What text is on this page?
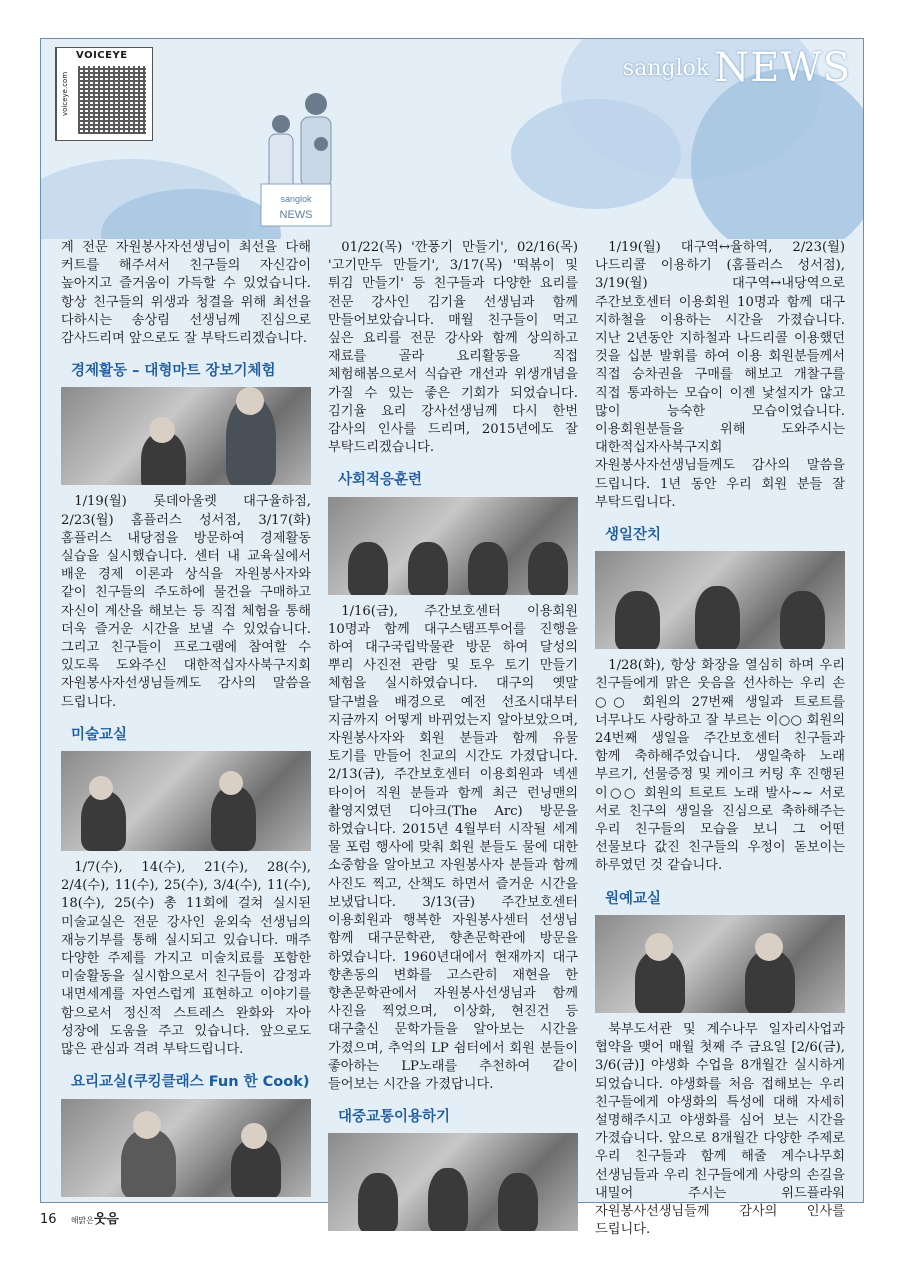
voiceye.com
VOICEYE
sanglok
NEWS
sanglok NEWS

계 전문 자원봉사자선생님이 최선을 다해 커트를 해주셔서 친구들의 자신감이 높아지고 즐거움이 가득할 수 있었습니다. 항상 친구들의 위생과 청결을 위해 최선을 다하시는 송상림 선생님께 진심으로 감사드리며 앞으로도 잘 부탁드리겠습니다.

경제활동 – 대형마트 장보기체험

1/19(월) 롯데아울렛 대구율하점, 2/23(월) 홈플러스 성서점, 3/17(화) 홈플러스 내당점을 방문하여 경제활동 실습을 실시했습니다. 센터 내 교육실에서 배운 경제 이론과 상식을 자원봉사자와 같이 친구들의 주도하에 물건을 구매하고 자신이 계산을 해보는 등 직접 체험을 통해 더욱 즐거운 시간을 보낼 수 있었습니다. 그리고 친구들이 프로그램에 참여할 수 있도록 도와주신 대한적십자사북구지회 자원봉사자선생님들께도 감사의 말씀을 드립니다.

미술교실

1/7(수), 14(수), 21(수), 28(수), 2/4(수), 11(수), 25(수), 3/4(수), 11(수), 18(수), 25(수) 총 11회에 걸쳐 실시된 미술교실은 전문 강사인 윤외숙 선생님의 재능기부를 통해 실시되고 있습니다. 매주 다양한 주제를 가지고 미술치료를 포함한 미술활동을 실시함으로서 친구들이 감정과 내면세계를 자연스럽게 표현하고 이야기를 함으로서 정신적 스트레스 완화와 자아 성장에 도움을 주고 있습니다. 앞으로도 많은 관심과 격려 부탁드립니다.

요리교실(쿠킹클래스 Fun 한 Cook)

01/22(목) '깐풍기 만들기', 02/16(목) '고기만두 만들기', 3/17(목) '떡볶이 및 튀김 만들기' 등 친구들과 다양한 요리를 전문 강사인 김기율 선생님과 함께 만들어보았습니다. 매월 친구들이 먹고 싶은 요리를 전문 강사와 함께 상의하고 재료를 골라 요리활동을 직접 체험해봄으로서 식습관 개선과 위생개념을 가질 수 있는 좋은 기회가 되었습니다. 김기율 요리 강사선생님께 다시 한번 감사의 인사를 드리며, 2015년에도 잘 부탁드리겠습니다.

사회적응훈련

1/16(금), 주간보호센터 이용회원 10명과 함께 대구스탬프투어를 진행을 하여 대구국립박물관 방문 하여 달성의 뿌리 사진전 관람 및 토우 토기 만들기 체험을 실시하였습니다. 대구의 옛말 달구벌을 배경으로 예전 선조시대부터 지금까지 어떻게 바뀌었는지 알아보았으며, 자원봉사자와 회원 분들과 함께 유물 토기를 만들어 친교의 시간도 가졌답니다. 2/13(금), 주간보호센터 이용회원과 넥센 타이어 직원 분들과 함께 최근 런닝맨의 촬영지였던 디아크(The Arc) 방문을 하였습니다. 2015년 4월부터 시작될 세계 물 포럼 행사에 맞춰 회원 분들도 물에 대한 소중함을 알아보고 자원봉사자 분들과 함께 사진도 찍고, 산책도 하면서 즐거운 시간을 보냈답니다. 3/13(금) 주간보호센터 이용회원과 행복한 자원봉사센터 선생님 함께 대구문학관, 향촌문학관에 방문을 하였습니다. 1960년대에서 현재까지 대구 향촌동의 변화를 고스란히 재현을 한 향촌문학관에서 자원봉사선생님과 함께 사진을 찍었으며, 이상화, 현진건 등 대구출신 문학가들을 알아보는 시간을 가졌으며, 추억의 LP 쉼터에서 회원 분들이 좋아하는 LP노래를 추천하여 같이 들어보는 시간을 가졌답니다.

대중교통이용하기

1/19(월) 대구역↔율하역, 2/23(월) 나드리콜 이용하기 (홈플러스 성서점), 3/19(월) 대구역↔내당역으로 주간보호센터 이용회원 10명과 함께 대구 지하철을 이용하는 시간을 가졌습니다. 지난 2년동안 지하철과 나드리콜 이용했던 것을 십분 발휘를 하여 이용 회원분들께서 직접 승차권을 구매를 해보고 개찰구를 직접 통과하는 모습이 이젠 낯설지가 않고 많이 능숙한 모습이었습니다. 이용회원분들을 위해 도와주시는 대한적십자사북구지회 자원봉사자선생님들께도 감사의 말씀을 드립니다. 1년 동안 우리 회원 분들 잘 부탁드립니다.

생일잔치

1/28(화), 항상 화장을 열심히 하며 우리 친구들에게 맑은 웃음을 선사하는 우리 손○○ 회원의 27번째 생일과 트로트를 너무나도 사랑하고 잘 부르는 이○○ 회원의 24번째 생일을 주간보호센터 친구들과 함께 축하해주었습니다. 생일축하 노래 부르기, 선물증정 및 케이크 커팅 후 진행된 이○○ 회원의 트로트 노래 발사~~ 서로 서로 친구의 생일을 진심으로 축하해주는 우리 친구들의 모습을 보니 그 어떤 선물보다 값진 친구들의 우정이 돋보이는 하루였던 것 같습니다.

원예교실

북부도서관 및 계수나무 일자리사업과 협약을 맺어 매월 첫째 주 금요일 [2/6(금), 3/6(금)] 야생화 수업을 8개월간 실시하게 되었습니다. 야생화를 처음 접해보는 우리 친구들에게 야생화의 특성에 대해 자세히 설명해주시고 야생화를 심어 보는 시간을 가졌습니다. 앞으로 8개월간 다양한 주제로 우리 친구들과 함께 해줄 계수나무회 선생님들과 우리 친구들에게 사랑의 손길을 내밀어 주시는 위드플라워 자원봉사선생님들께 감사의 인사를 드립니다.

16 해맑은웃음
